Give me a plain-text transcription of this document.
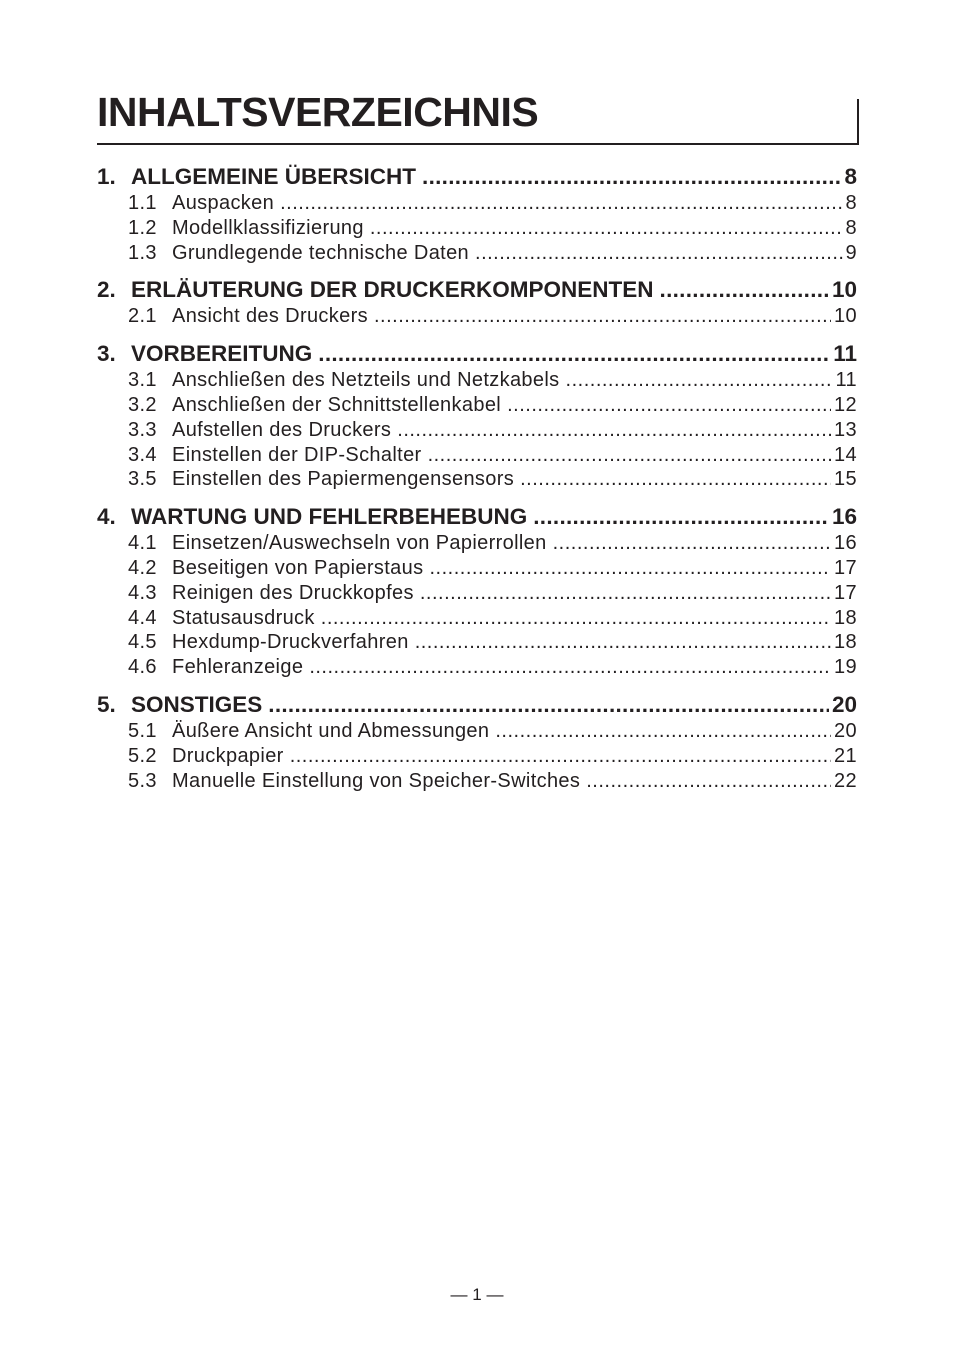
INHALTSVERZEICHNIS
1. ALLGEMEINE ÜBERSICHT .....	8
1.1 Auspacken .....	8
1.2 Modellklassifizierung .....	8
1.3 Grundlegende technische Daten .....	9
2. ERLÄUTERUNG DER DRUCKERKOMPONENTEN .....	10
2.1 Ansicht des Druckers .....	10
3. VORBEREITUNG .....	11
3.1 Anschließen des Netzteils und Netzkabels .....	11
3.2 Anschließen der Schnittstellenkabel .....	12
3.3 Aufstellen des Druckers .....	13
3.4 Einstellen der DIP-Schalter .....	14
3.5 Einstellen des Papiermengensensors .....	15
4. WARTUNG UND FEHLERBEHEBUNG .....	16
4.1 Einsetzen/Auswechseln von Papierrollen .....	16
4.2 Beseitigen von Papierstaus .....	17
4.3 Reinigen des Druckkopfes .....	17
4.4 Statusausdruck .....	18
4.5 Hexdump-Druckverfahren .....	18
4.6 Fehleranzeige .....	19
5. SONSTIGES .....	20
5.1 Äußere Ansicht und Abmessungen .....	20
5.2 Druckpapier .....	21
5.3 Manuelle Einstellung von Speicher-Switches .....	22
— 1 —
